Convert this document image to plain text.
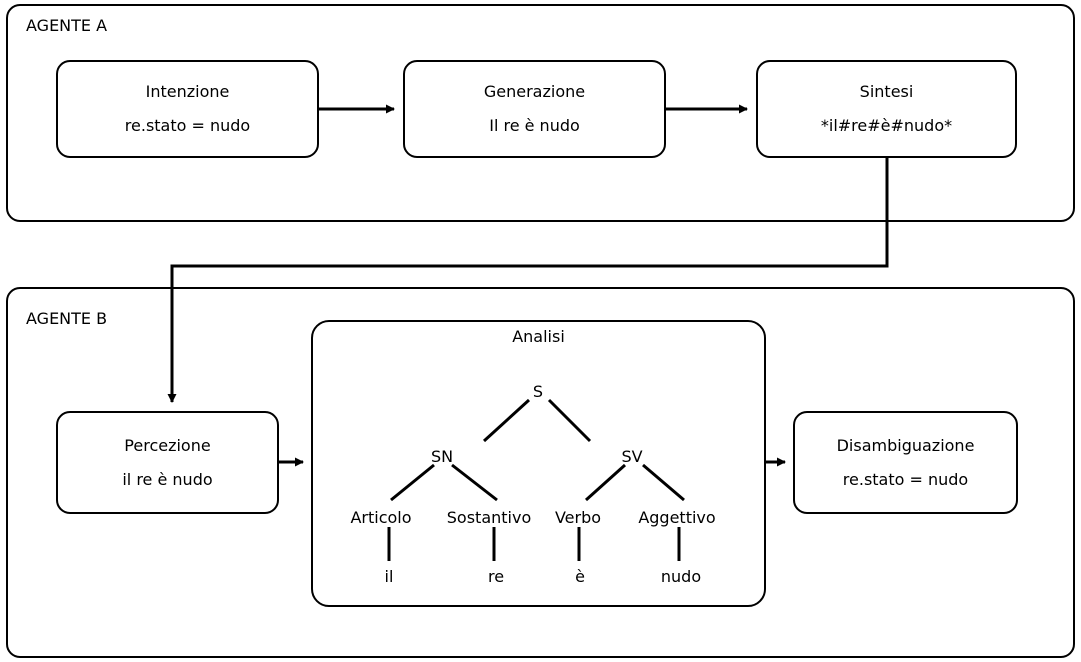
AGENTE A
Intenzione
re.stato = nudo
Generazione
Il re è nudo
Sintesi
*il#re#è#nudo*
AGENTE B
Percezione
il re è nudo
Disambiguazione
re.stato = nudo
Analisi
S
SN	SV
Articolo Sostantivo Verbo Aggettivo
il	re	è	nudo
